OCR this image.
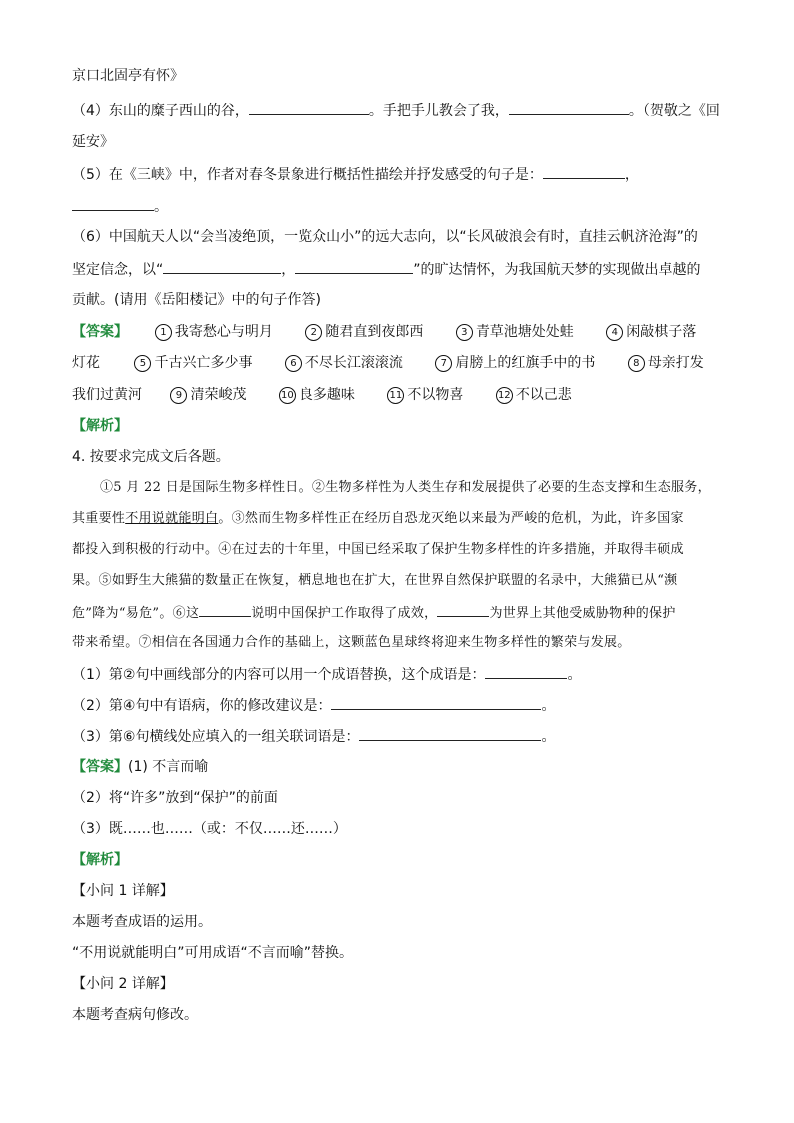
京口北固亭有怀》
（4）东山的糜子西山的谷，	。手把手儿教会了我，	。（贺敬之《回
延安》
（5）在《三峡》中，作者对春冬景象进行概括性描绘并抒发感受的句子是：	，
。
（6）中国航天人以“会当凌绝顶，一览众山小”的远大志向，以“长风破浪会有时，直挂云帆济沧海”的
坚定信念，以“	，	”的旷达情怀，为我国航天梦的实现做出卓越的
贡献。(请用《岳阳楼记》中的句子作答)
【答案】	1 我寄愁心与明月	2 随君直到夜郎西	3 青草池塘处处蛙	4 闲敲棋子落
灯花	5 千古兴亡多少事	6 不尽长江滚滚流	7 肩膀上的红旗手中的书	8 母亲打发
我们过黄河	9 清荣峻茂	10 良多趣味	11 不以物喜	12 不以己悲
【解析】
4. 按要求完成文后各题。
①5 月 22 日是国际生物多样性日。②生物多样性为人类生存和发展提供了必要的生态支撑和生态服务，
其重要性不用说就能明白。③然而生物多样性正在经历自恐龙灭绝以来最为严峻的危机，为此，许多国家
都投入到积极的行动中。④在过去的十年里，中国已经采取了保护生物多样性的许多措施，并取得丰硕成
果。⑤如野生大熊猫的数量正在恢复，栖息地也在扩大，在世界自然保护联盟的名录中，大熊猫已从“濒
危”降为“易危”。⑥这	说明中国保护工作取得了成效，	为世界上其他受威胁物种的保护
带来希望。⑦相信在各国通力合作的基础上，这颗蓝色星球终将迎来生物多样性的繁荣与发展。
（1）第②句中画线部分的内容可以用一个成语替换，这个成语是：	。
（2）第④句中有语病，你的修改建议是：	。
（3）第⑥句横线处应填入的一组关联词语是：	。
【答案】(1) 不言而喻
（2）将“许多”放到“保护”的前面
（3）既……也……（或：不仅……还……）
【解析】
【小问 1 详解】
本题考查成语的运用。
“不用说就能明白”可用成语“不言而喻”替换。
【小问 2 详解】
本题考查病句修改。
